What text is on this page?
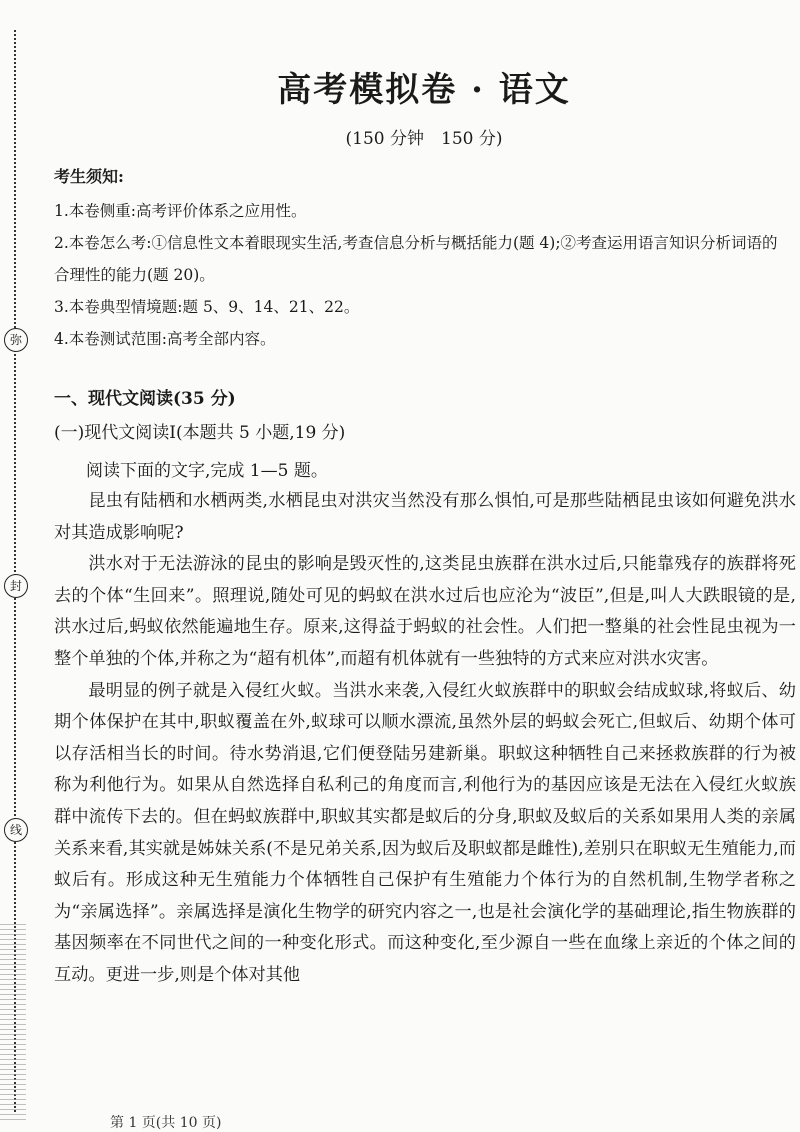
弥
封
线
高考模拟卷 · 语文
(150 分钟　150 分)
考生须知:
1.本卷侧重:高考评价体系之应用性。
2.本卷怎么考:①信息性文本着眼现实生活,考查信息分析与概括能力(题 4);②考查运用语言知识分析词语的合理性的能力(题 20)。
3.本卷典型情境题:题 5、9、14、21、22。
4.本卷测试范围:高考全部内容。
一、现代文阅读(35 分)
(一)现代文阅读Ⅰ(本题共 5 小题,19 分)
阅读下面的文字,完成 1—5 题。

昆虫有陆栖和水栖两类,水栖昆虫对洪灾当然没有那么惧怕,可是那些陆栖昆虫该如何避免洪水对其造成影响呢?

洪水对于无法游泳的昆虫的影响是毁灭性的,这类昆虫族群在洪水过后,只能靠残存的族群将死去的个体“生回来”。照理说,随处可见的蚂蚁在洪水过后也应沦为“波臣”,但是,叫人大跌眼镜的是,洪水过后,蚂蚁依然能遍地生存。原来,这得益于蚂蚁的社会性。人们把一整巢的社会性昆虫视为一整个单独的个体,并称之为“超有机体”,而超有机体就有一些独特的方式来应对洪水灾害。

最明显的例子就是入侵红火蚁。当洪水来袭,入侵红火蚁族群中的职蚁会结成蚁球,将蚁后、幼期个体保护在其中,职蚁覆盖在外,蚁球可以顺水漂流,虽然外层的蚂蚁会死亡,但蚁后、幼期个体可以存活相当长的时间。待水势消退,它们便登陆另建新巢。职蚁这种牺牲自己来拯救族群的行为被称为利他行为。如果从自然选择自私利己的角度而言,利他行为的基因应该是无法在入侵红火蚁族群中流传下去的。但在蚂蚁族群中,职蚁其实都是蚁后的分身,职蚁及蚁后的关系如果用人类的亲属关系来看,其实就是姊妹关系(不是兄弟关系,因为蚁后及职蚁都是雌性),差别只在职蚁无生殖能力,而蚁后有。形成这种无生殖能力个体牺牲自己保护有生殖能力个体行为的自然机制,生物学者称之为“亲属选择”。亲属选择是演化生物学的研究内容之一,也是社会演化学的基础理论,指生物族群的基因频率在不同世代之间的一种变化形式。而这种变化,至少源自一些在血缘上亲近的个体之间的互动。更进一步,则是个体对其他

第 1 页(共 10 页)
